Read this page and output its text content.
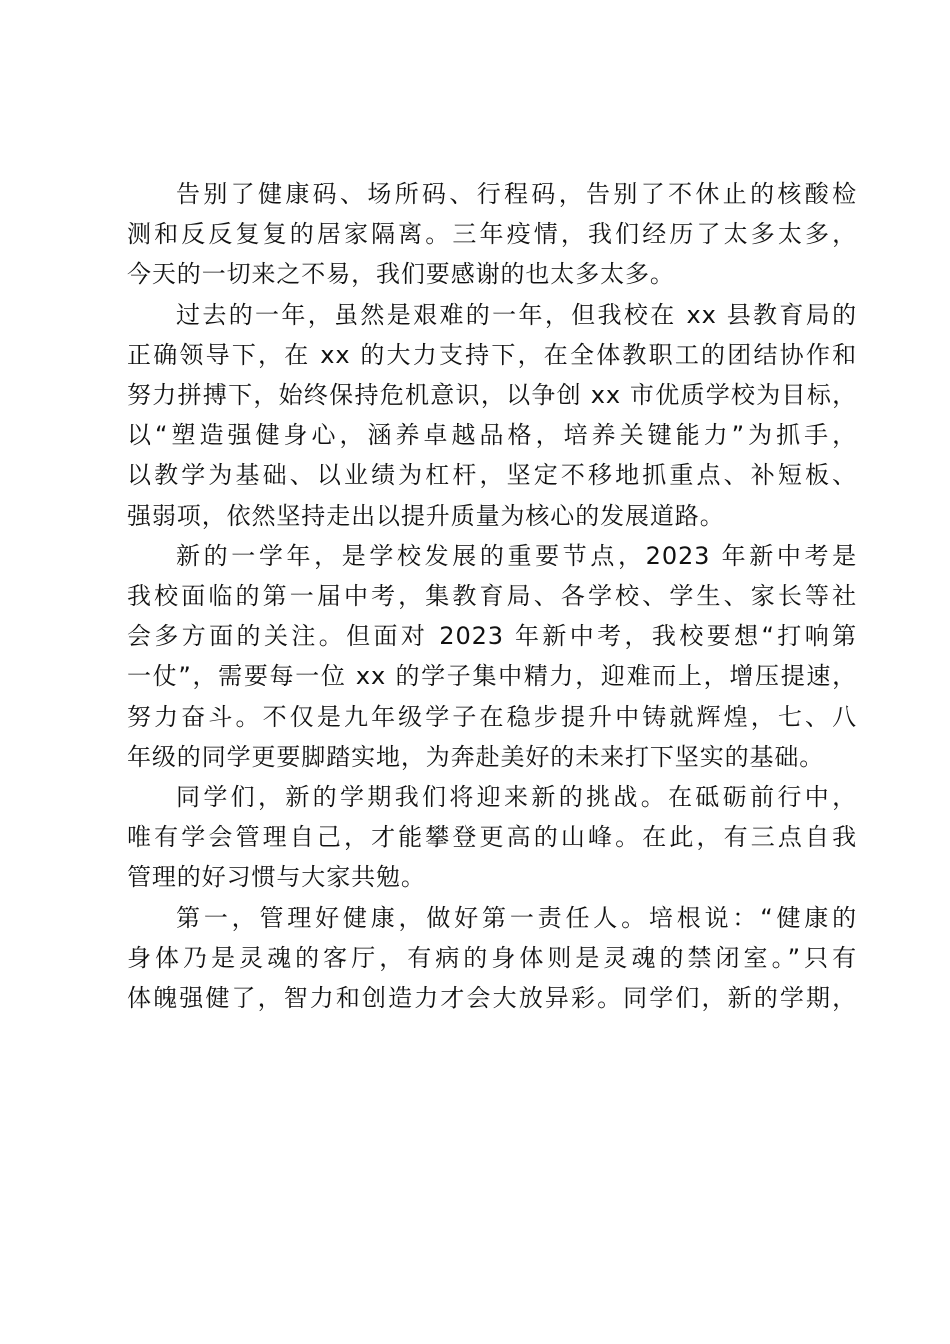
告别了健康码、场所码、行程码，告别了不休止的核酸检
测和反反复复的居家隔离。三年疫情，我们经历了太多太多，
今天的一切来之不易，我们要感谢的也太多太多。
过去的一年，虽然是艰难的一年，但我校在 xx 县教育局的
正确领导下，在 xx 的大力支持下，在全体教职工的团结协作和
努力拼搏下，始终保持危机意识，以争创 xx 市优质学校为目标，
以“塑造强健身心，涵养卓越品格，培养关键能力”为抓手，
以教学为基础、以业绩为杠杆，坚定不移地抓重点、补短板、
强弱项，依然坚持走出以提升质量为核心的发展道路。
新的一学年，是学校发展的重要节点，2023 年新中考是
我校面临的第一届中考，集教育局、各学校、学生、家长等社
会多方面的关注。但面对 2023 年新中考，我校要想“打响第
一仗”，需要每一位 xx 的学子集中精力，迎难而上，增压提速，
努力奋斗。不仅是九年级学子在稳步提升中铸就辉煌，七、八
年级的同学更要脚踏实地，为奔赴美好的未来打下坚实的基础。
同学们，新的学期我们将迎来新的挑战。在砥砺前行中，
唯有学会管理自己，才能攀登更高的山峰。在此，有三点自我
管理的好习惯与大家共勉。
第一，管理好健康，做好第一责任人。培根说：“健康的
身体乃是灵魂的客厅，有病的身体则是灵魂的禁闭室。”只有
体魄强健了，智力和创造力才会大放异彩。同学们，新的学期，
